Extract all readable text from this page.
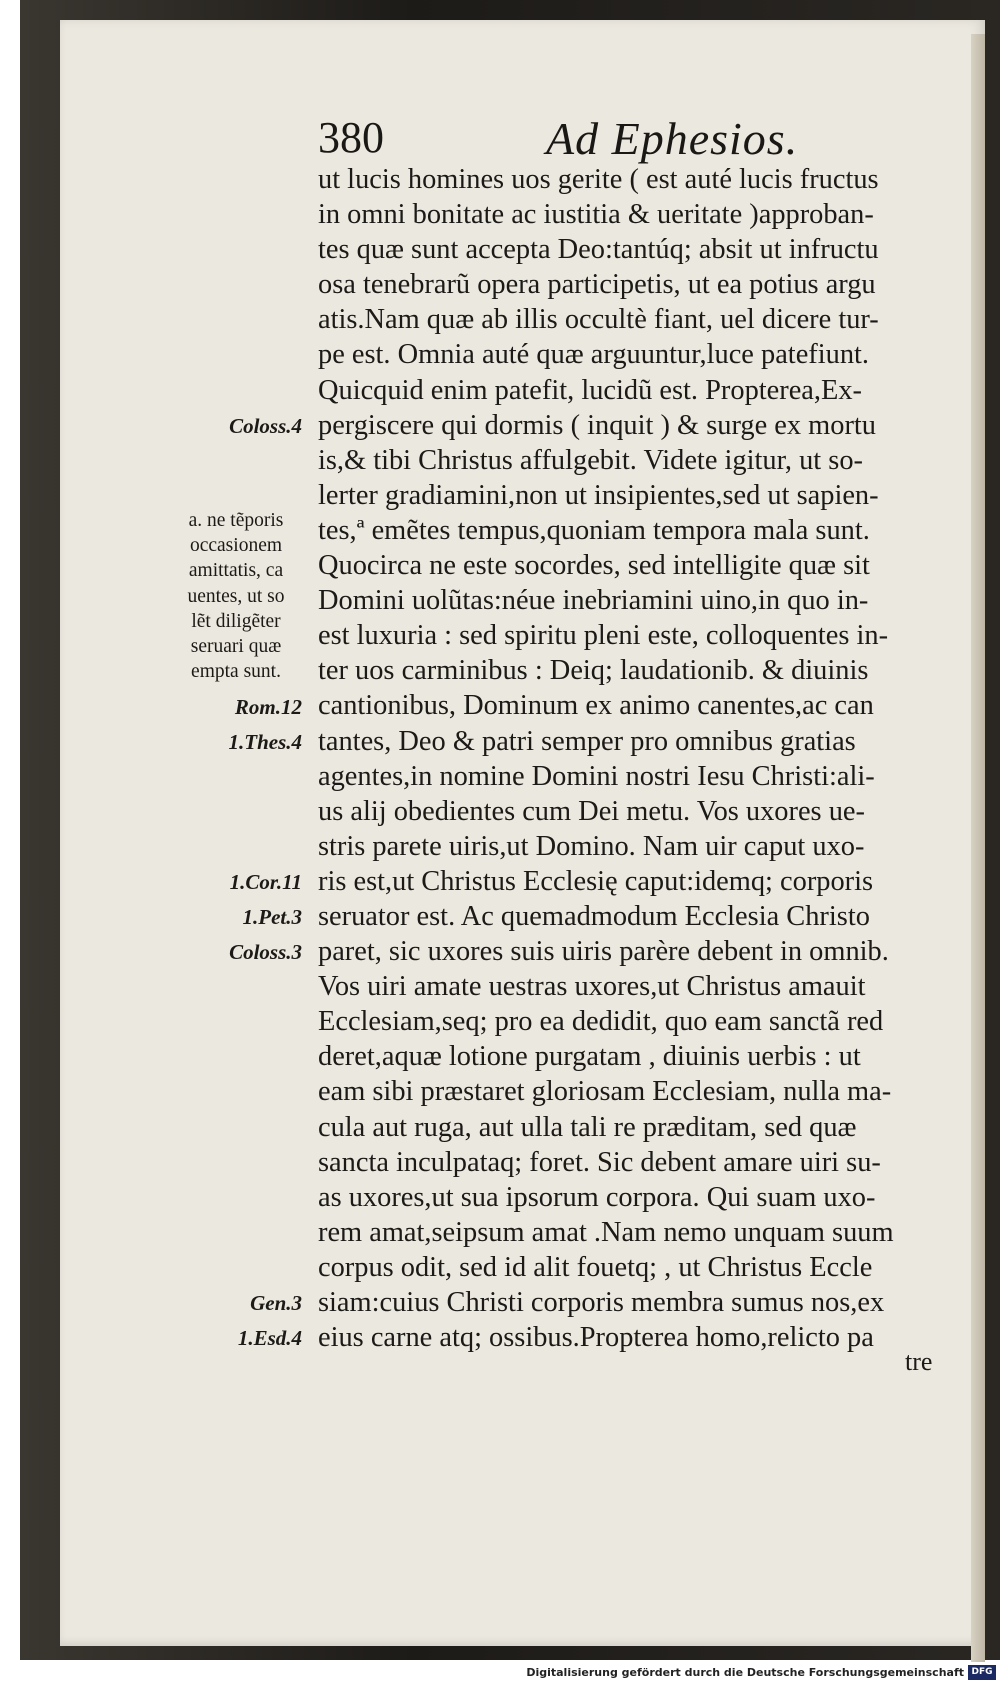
380	Ad Ephesios.
ut lucis homines uos gerite ( est auté lucis fructus
in omni bonitate ac iustitia & ueritate )approban-
tes quæ sunt accepta Deo:tantúq; absit ut infructu
osa tenebrarũ opera participetis, ut ea potius argu
atis.Nam quæ ab illis occultè fiant, uel dicere tur-
pe est. Omnia auté quæ arguuntur,luce patefiunt.
Quicquid enim patefit, lucidũ est. Propterea,Ex-
pergiscere qui dormis ( inquit ) & surge ex mortu
is,& tibi Christus affulgebit. Videte igitur, ut so-
lerter gradiamini,non ut insipientes,sed ut sapien-
tes,ª emẽtes tempus,quoniam tempora mala sunt.
Quocirca ne este socordes, sed intelligite quæ sit
Domini uolũtas:néue inebriamini uino,in quo in-
est luxuria : sed spiritu pleni este, colloquentes in-
ter uos carminibus : Deiq; laudationib. & diuinis
cantionibus, Dominum ex animo canentes,ac can
tantes, Deo & patri semper pro omnibus gratias
agentes,in nomine Domini nostri Iesu Christi:ali-
us alij obedientes cum Dei metu. Vos uxores ue-
stris parete uiris,ut Domino. Nam uir caput uxo-
ris est,ut Christus Ecclesię caput:idemq; corporis
seruator est. Ac quemadmodum Ecclesia Christo
paret, sic uxores suis uiris parère debent in omnib.
Vos uiri amate uestras uxores,ut Christus amauit
Ecclesiam,seq; pro ea dedidit, quo eam sanctã red
deret,aquæ lotione purgatam , diuinis uerbis : ut
eam sibi præstaret gloriosam Ecclesiam, nulla ma-
cula aut ruga, aut ulla tali re præditam, sed quæ
sancta inculpataq; foret. Sic debent amare uiri su-
as uxores,ut sua ipsorum corpora. Qui suam uxo-
rem amat,seipsum amat .Nam nemo unquam suum
corpus odit, sed id alit fouetq; , ut Christus Eccle
siam:cuius Christi corporis membra sumus nos,ex
eius carne atq; ossibus.Propterea homo,relicto pa
tre
Coloss.4
Rom.12
1.Thes.4
1.Cor.11
1.Pet.3
Coloss.3
Gen.3
1.Esd.4
a. ne tẽporis
occasionem
amittatis, ca
uentes, ut so
lẽt diligẽter
seruari quæ
empta sunt.
Digitalisierung gefördert durch die Deutsche Forschungsgemeinschaft DFG
